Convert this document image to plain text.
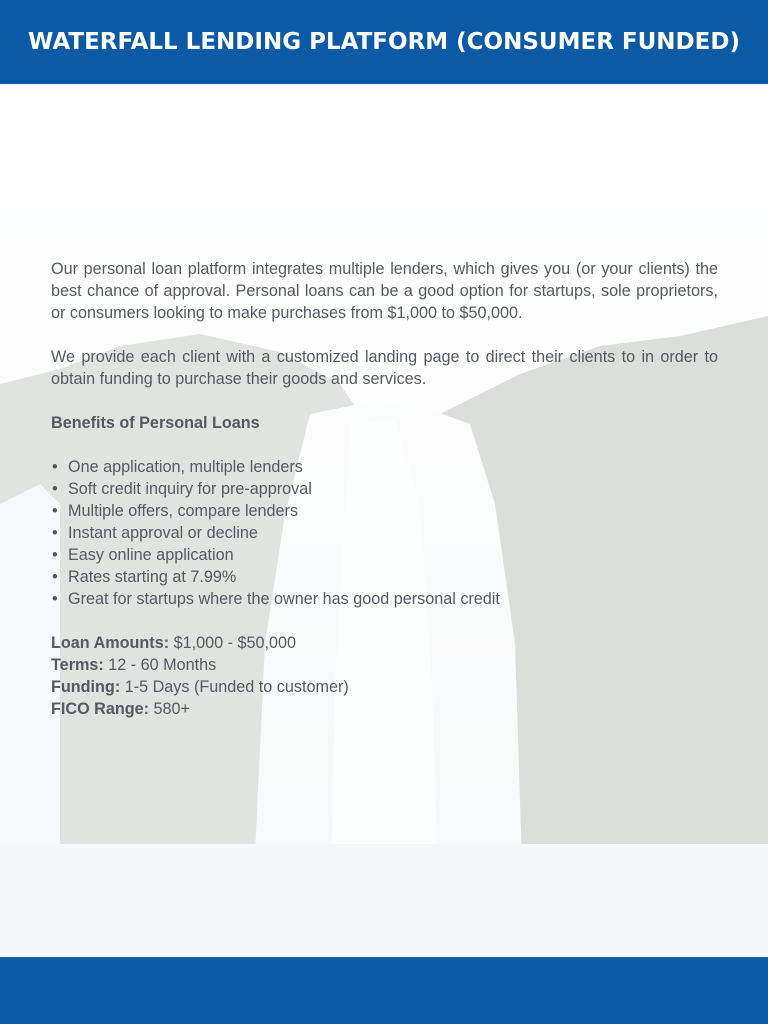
WATERFALL LENDING PLATFORM (CONSUMER FUNDED)

Our personal loan platform integrates multiple lenders, which gives you (or your clients) the best chance of approval. Personal loans can be a good option for startups, sole proprietors, or consumers looking to make purchases from $1,000 to $50,000.

We provide each client with a customized landing page to direct their clients to in order to obtain funding to purchase their goods and services.

Benefits of Personal Loans
• One application, multiple lenders
• Soft credit inquiry for pre-approval
• Multiple offers, compare lenders
• Instant approval or decline
• Easy online application
• Rates starting at 7.99%
• Great for startups where the owner has good personal credit

Loan Amounts: $1,000 - $50,000

Terms: 12 - 60 Months

Funding: 1-5 Days (Funded to customer)

FICO Range: 580+
